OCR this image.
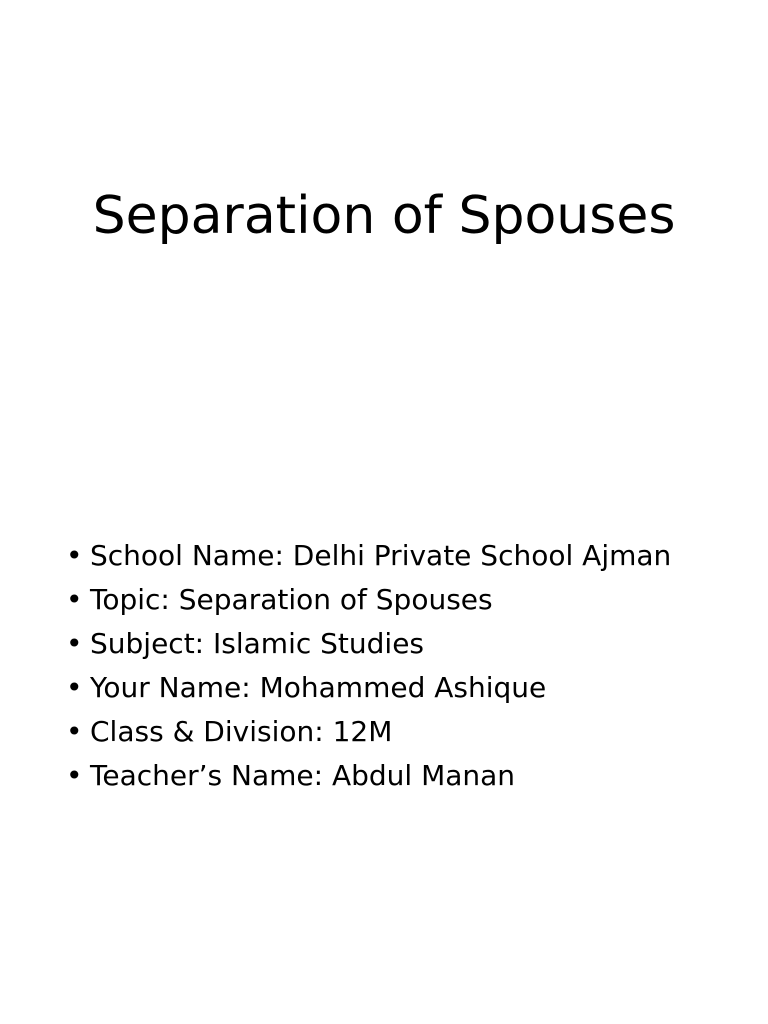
Separation of Spouses
• School Name: Delhi Private School Ajman
• Topic: Separation of Spouses
• Subject: Islamic Studies
• Your Name: Mohammed Ashique
• Class & Division: 12M
• Teacher’s Name: Abdul Manan
